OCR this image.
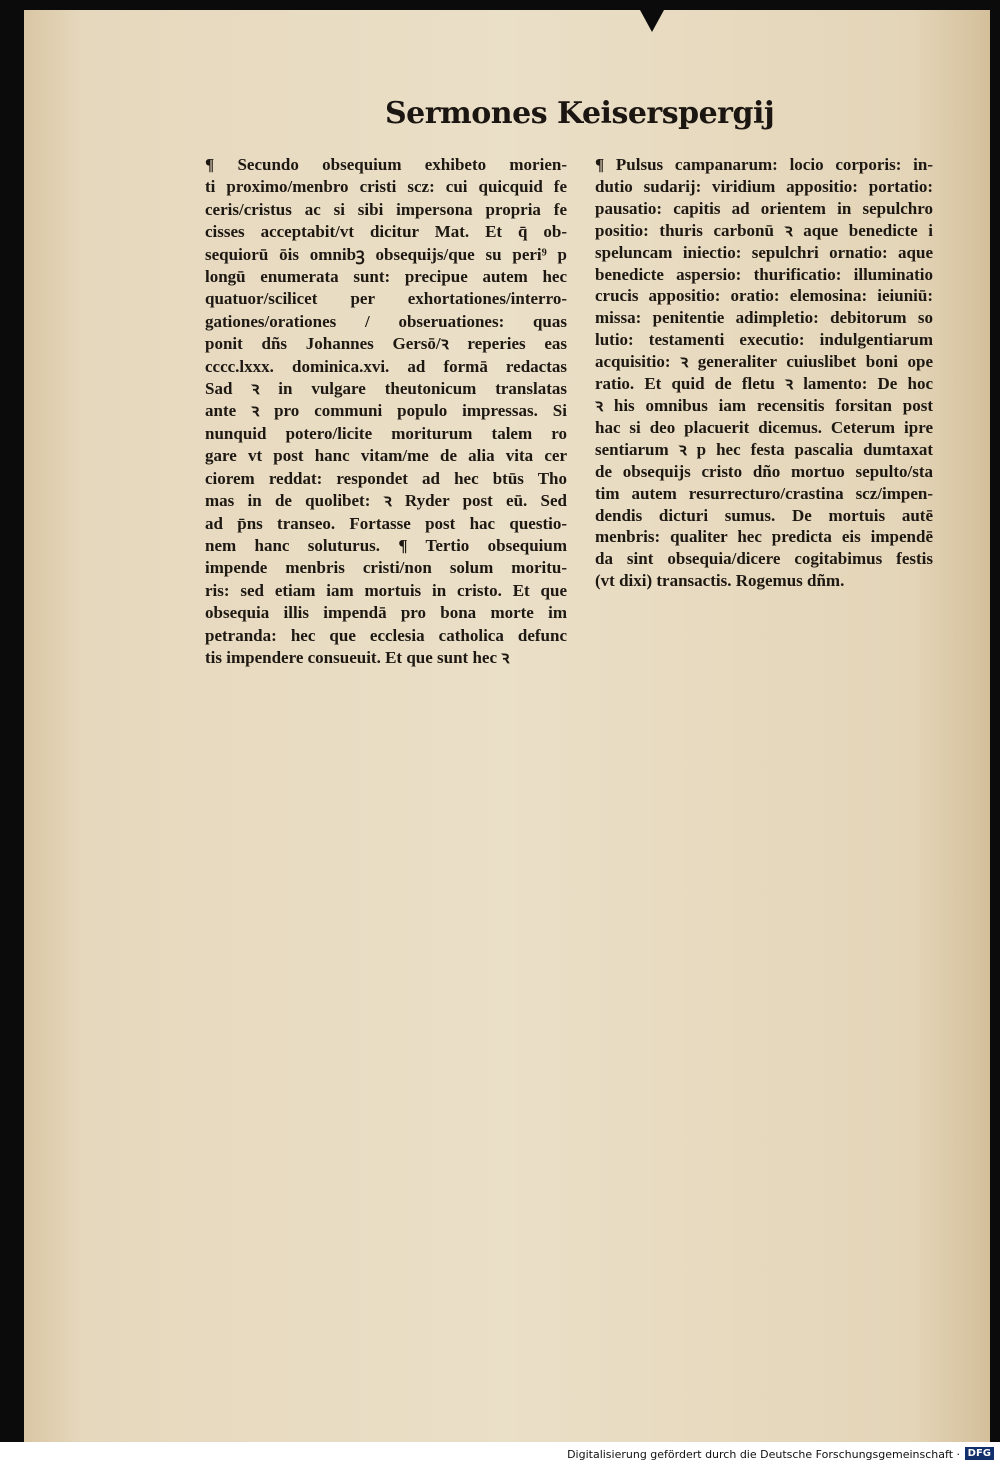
Sermones Keiserspergij
¶ Secundo obsequium exhibeto morien-
ti proximo/menbro cristi scz: cui quicquid fe
ceris/cristus ac si sibi impersona propria fe
cisses acceptabit/vt dicitur Mat. Et q̄ ob-
sequiorū ōis omnibꝫ obsequijs/que su peri⁹ p
longū enumerata sunt: precipue autem hec
quatuor/scilicet per exhortationes/interro-
gationes/orationes / obseruationes: quas
ponit dñs Johannes Gersō/ꝛ reperies eas
cccc.lxxx. dominica.xvi. ad formā redactas
Sad ꝛ in vulgare theutonicum translatas
ante ꝛ pro communi populo impressas. Si
nunquid potero/licite moriturum talem ro
gare vt post hanc vitam/me de alia vita cer
ciorem reddat: respondet ad hec btūs Tho
mas in de quolibet: ꝛ Ryder post eū. Sed
ad p̄ns transeo. Fortasse post hac questio-
nem hanc soluturus. ¶ Tertio obsequium
impende menbris cristi/non solum moritu-
ris: sed etiam iam mortuis in cristo. Et que
obsequia illis impendā pro bona morte im
petranda: hec que ecclesia catholica defunc
tis impendere consueuit. Et que sunt hec ꝛ
¶ Pulsus campanarum: locio corporis: in-
dutio sudarij: viridium appositio: portatio:
pausatio: capitis ad orientem in sepulchro
positio: thuris carbonū ꝛ aque benedicte i
speluncam iniectio: sepulchri ornatio: aque
benedicte aspersio: thurificatio: illuminatio
crucis appositio: oratio: elemosina: ieiuniū:
missa: penitentie adimpletio: debitorum so
lutio: testamenti executio: indulgentiarum
acquisitio: ꝛ generaliter cuiuslibet boni ope
ratio. Et quid de fletu ꝛ lamento: De hoc
ꝛ his omnibus iam recensitis forsitan post
hac si deo placuerit dicemus. Ceterum ipre
sentiarum ꝛ p hec festa pascalia dumtaxat
de obsequijs cristo dño mortuo sepulto/sta
tim autem resurrecturo/crastina scz/impen-
dendis dicturi sumus. De mortuis autē
menbris: qualiter hec predicta eis impendē
da sint obsequia/dicere cogitabimus festis
(vt dixi) transactis. Rogemus dñm.
Digitalisierung gefördert durch die Deutsche Forschungsgemeinschaft · DFG
